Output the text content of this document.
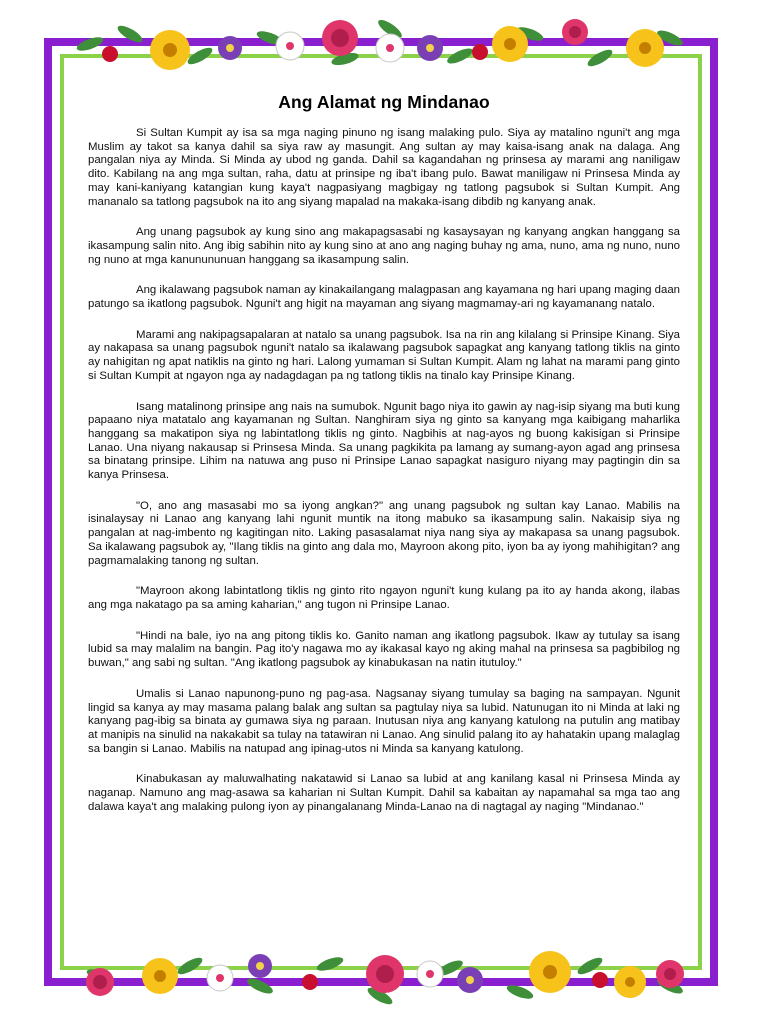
Ang Alamat ng Mindanao

Si Sultan Kumpit ay isa sa mga naging pinuno ng isang malaking pulo. Siya ay matalino nguni't ang mga Muslim ay takot sa kanya dahil sa siya raw ay masungit. Ang sultan ay may kaisa-isang anak na dalaga. Ang pangalan niya ay Minda. Si Minda ay ubod ng ganda. Dahil sa kagandahan ng prinsesa ay marami ang naniligaw dito. Kabilang na ang mga sultan, raha, datu at prinsipe ng iba't ibang pulo. Bawat maniligaw ni Prinsesa Minda ay may kani-kaniyang katangian kung kaya't nagpasiyang magbigay ng tatlong pagsubok si Sultan Kumpit. Ang mananalo sa tatlong pagsubok na ito ang siyang mapalad na makaka-isang dibdib ng kanyang anak.

Ang unang pagsubok ay kung sino ang makapagsasabi ng kasaysayan ng kanyang angkan hanggang sa ikasampung salin nito. Ang ibig sabihin nito ay kung sino at ano ang naging buhay ng ama, nuno, ama ng nuno, nuno ng nuno at mga kanunununuan hanggang sa ikasampung salin.

Ang ikalawang pagsubok naman ay kinakailangang malagpasan ang kayamana ng hari upang maging daan patungo sa ikatlong pagsubok. Nguni't ang higit na mayaman ang siyang magmamay-ari ng kayamanang natalo.

Marami ang nakipagsapalaran at natalo sa unang pagsubok. Isa na rin ang kilalang si Prinsipe Kinang. Siya ay nakapasa sa unang pagsubok nguni't natalo sa ikalawang pagsubok sapagkat ang kanyang tatlong tiklis na ginto ay nahigitan ng apat natiklis na ginto ng hari. Lalong yumaman si Sultan Kumpit. Alam ng lahat na marami pang ginto si Sultan Kumpit at ngayon nga ay nadagdagan pa ng tatlong tiklis na tinalo kay Prinsipe Kinang.

Isang matalinong prinsipe ang nais na sumubok. Ngunit bago niya ito gawin ay nag-isip siyang ma buti kung papaano niya matatalo ang kayamanan ng Sultan. Nanghiram siya ng ginto sa kanyang mga kaibigang maharlika hanggang sa makatipon siya ng labintatlong tiklis ng ginto. Nagbihis at nag-ayos ng buong kakisigan si Prinsipe Lanao. Una niyang nakausap si Prinsesa Minda. Sa unang pagkikita pa lamang ay sumang-ayon agad ang prinsesa sa binatang prinsipe. Lihim na natuwa ang puso ni Prinsipe Lanao sapagkat nasiguro niyang may pagtingin din sa kanya Prinsesa.

"O, ano ang masasabi mo sa iyong angkan?" ang unang pagsubok ng sultan kay Lanao. Mabilis na isinalaysay ni Lanao ang kanyang lahi ngunit muntik na itong mabuko sa ikasampung salin. Nakaisip siya ng pangalan at nag-imbento ng kagitingan nito. Laking pasasalamat niya nang siya ay makapasa sa unang pagsubok. Sa ikalawang pagsubok ay, "Ilang tiklis na ginto ang dala mo, Mayroon akong pito, iyon ba ay iyong mahihigitan? ang pagmamalaking tanong ng sultan.

"Mayroon akong labintatlong tiklis ng ginto rito ngayon nguni't kung kulang pa ito ay handa akong, ilabas ang mga nakatago pa sa aming kaharian," ang tugon ni Prinsipe Lanao.

"Hindi na bale, iyo na ang pitong tiklis ko. Ganito naman ang ikatlong pagsubok. Ikaw ay tutulay sa isang lubid sa may malalim na bangin. Pag ito'y nagawa mo ay ikakasal kayo ng aking mahal na prinsesa sa pagbibilog ng buwan," ang sabi ng sultan. "Ang ikatlong pagsubok ay kinabukasan na natin itutuloy."

Umalis si Lanao napunong-puno ng pag-asa. Nagsanay siyang tumulay sa baging na sampayan. Ngunit lingid sa kanya ay may masama palang balak ang sultan sa pagtulay niya sa lubid. Natunugan ito ni Minda at laki ng kanyang pag-ibig sa binata ay gumawa siya ng paraan. Inutusan niya ang kanyang katulong na putulin ang matibay at manipis na sinulid na nakakabit sa tulay na tatawiran ni Lanao. Ang sinulid palang ito ay hahatakin upang malaglag sa bangin si Lanao. Mabilis na natupad ang ipinag-utos ni Minda sa kanyang katulong.

Kinabukasan ay maluwalhating nakatawid si Lanao sa lubid at ang kanilang kasal ni Prinsesa Minda ay naganap. Namuno ang mag-asawa sa kaharian ni Sultan Kumpit. Dahil sa kabaitan ay napamahal sa mga tao ang dalawa kaya't ang malaking pulong iyon ay pinangalanang Minda-Lanao na di nagtagal ay naging "Mindanao."
